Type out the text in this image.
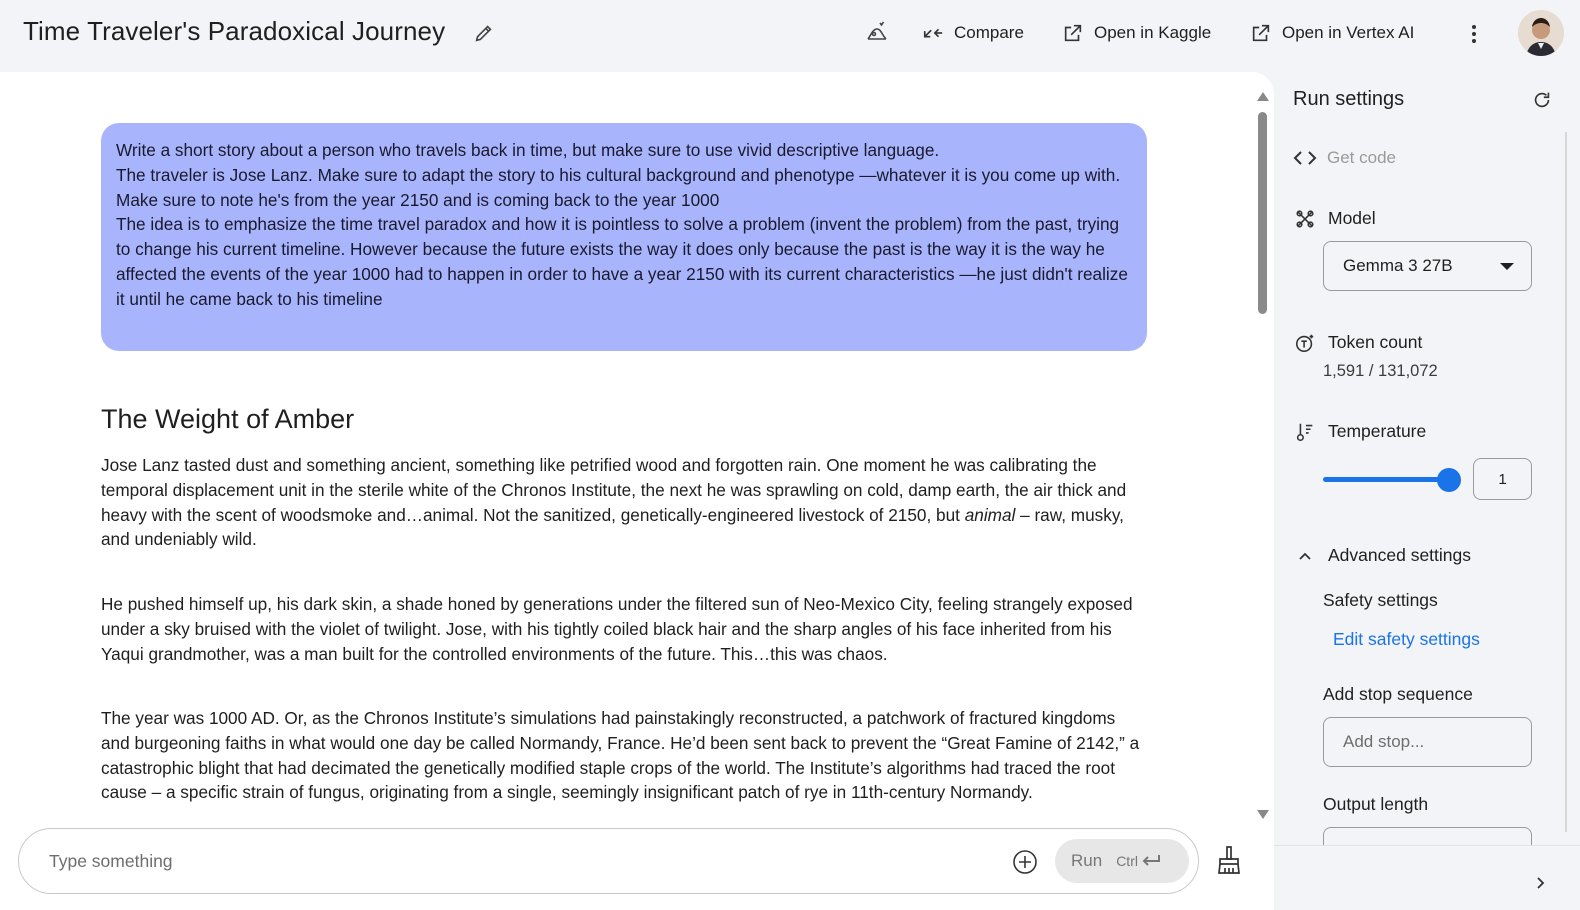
Time Traveler's Paradoxical Journey	Compare	Open in Kaggle	Open in Vertex AI

Write a short story about a person who travels back in time, but make sure to use vivid descriptive language.

The traveler is Jose Lanz. Make sure to adapt the story to his cultural background and phenotype —whatever it is you come up with.

Make sure to note he's from the year 2150 and is coming back to the year 1000

The idea is to emphasize the time travel paradox and how it is pointless to solve a problem (invent the problem) from the past, trying to change his current timeline. However because the future exists the way it does only because the past is the way it is the way he affected the events of the year 1000 had to happen in order to have a year 2150 with its current characteristics —he just didn't realize it until he came back to his timeline

The Weight of Amber

Jose Lanz tasted dust and something ancient, something like petrified wood and forgotten rain. One moment he was calibrating the temporal displacement unit in the sterile white of the Chronos Institute, the next he was sprawling on cold, damp earth, the air thick and heavy with the scent of woodsmoke and…animal. Not the sanitized, genetically-engineered livestock of 2150, but animal – raw, musky, and undeniably wild.

He pushed himself up, his dark skin, a shade honed by generations under the filtered sun of Neo-Mexico City, feeling strangely exposed under a sky bruised with the violet of twilight. Jose, with his tightly coiled black hair and the sharp angles of his face inherited from his Yaqui grandmother, was a man built for the controlled environments of the future. This…this was chaos.

The year was 1000 AD. Or, as the Chronos Institute’s simulations had painstakingly reconstructed, a patchwork of fractured kingdoms and burgeoning faiths in what would one day be called Normandy, France. He’d been sent back to prevent the “Great Famine of 2142,” a catastrophic blight that had decimated the genetically modified staple crops of the world. The Institute’s algorithms had traced the root cause – a specific strain of fungus, originating from a single, seemingly insignificant patch of rye in 11th-century Normandy.

Type something
Run Ctrl
Run settings
Get code
Model
Gemma 3 27B
Token count
1,591 / 131,072
Temperature
1
Advanced settings
Safety settings
Edit safety settings
Add stop sequence
Add stop...
Output length
